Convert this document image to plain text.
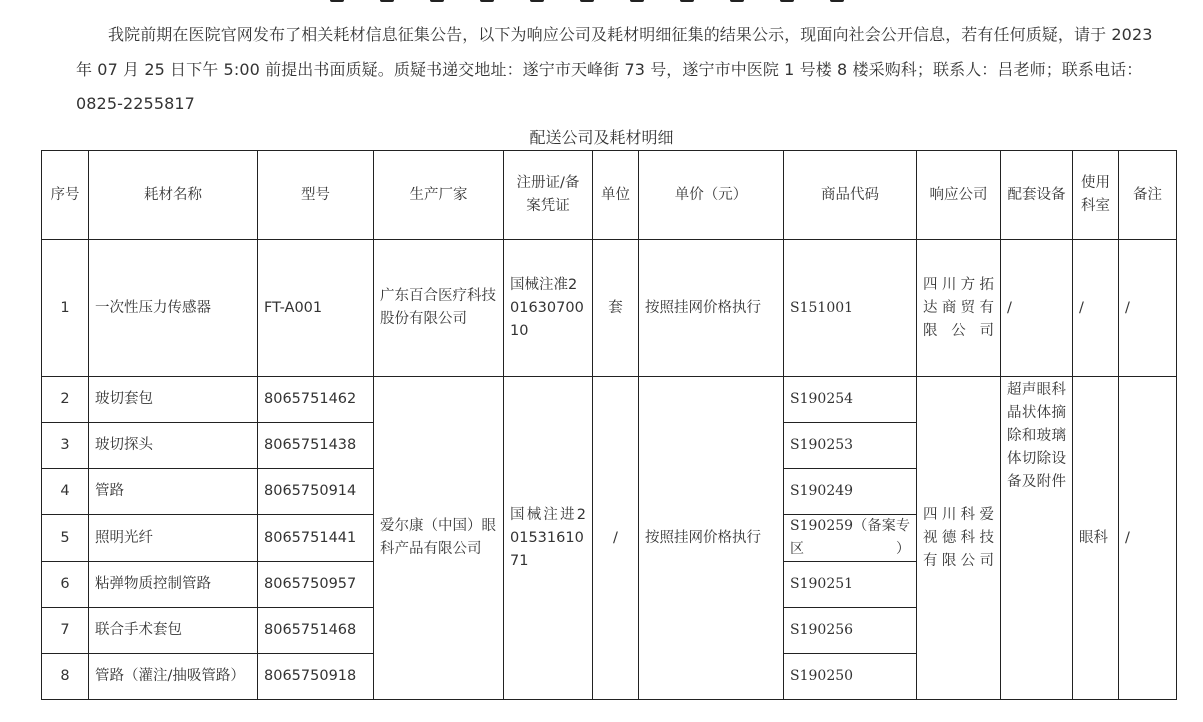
我院前期在医院官网发布了相关耗材信息征集公告，以下为响应公司及耗材明细征集的结果公示，现面向社会公开信息，若有任何质疑，请于 2023 年 07 月 25 日下午 5:00 前提出书面质疑。质疑书递交地址：遂宁市天峰街 73 号，遂宁市中医院 1 号楼 8 楼采购科；联系人：吕老师；联系电话：0825-2255817

配送公司及耗材明细
序号	耗材名称	型号	生产厂家	注册证/备案凭证	单位	单价（元）	商品代码	响应公司	配套设备	使用科室	备注
1	一次性压力传感器	FT-A001	广东百合医疗科技股份有限公司	国械注准20163070010	套	按照挂网价格执行	S151001	四川方拓达商贸有限公司	/	/	/
2	玻切套包	8065751462	爱尔康（中国）眼科产品有限公司	国械注进20153161071	/	按照挂网价格执行	S190254	四川科爱视德科技有限公司	超声眼科晶状体摘除和玻璃体切除设备及附件	眼科	/
3	玻切探头	8065751438					S190253				
4	管路	8065750914					S190249				
5	照明光纤	8065751441					S190259（备案专区）				
6	粘弹物质控制管路	8065750957					S190251				
7	联合手术套包	8065751468					S190256				
8	管路（灌注/抽吸管路）	8065750918					S190250				
